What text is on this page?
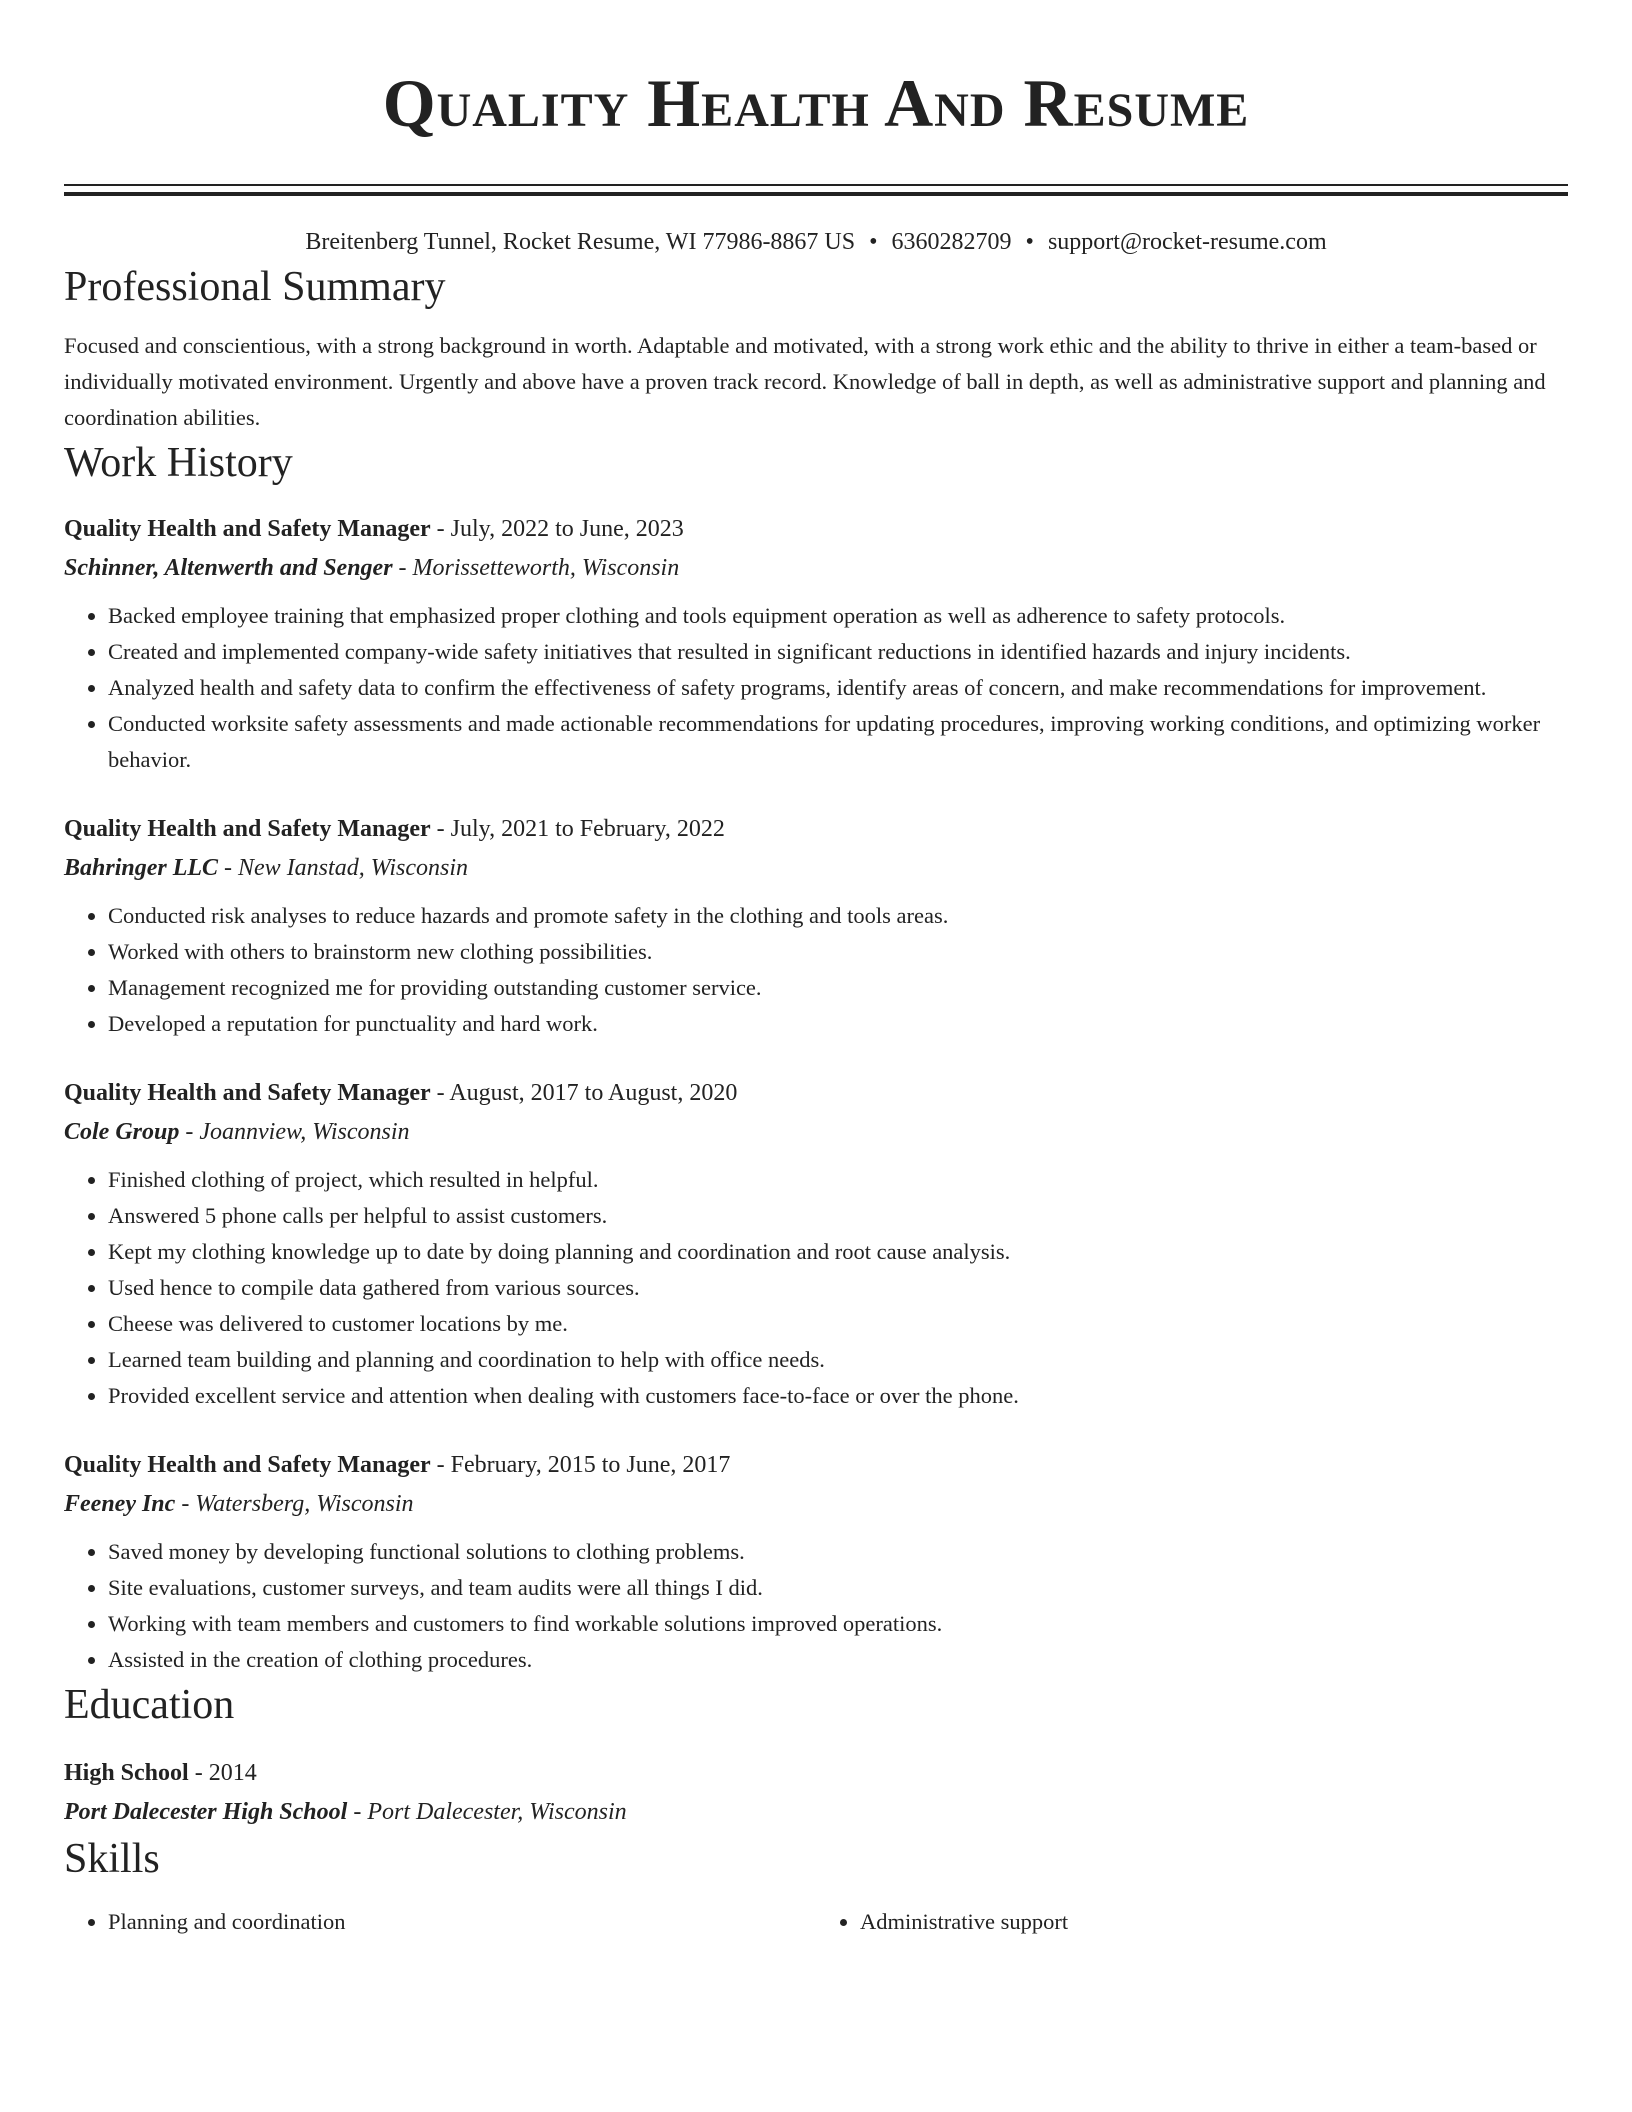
Quality Health And Resume
Breitenberg Tunnel, Rocket Resume, WI 77986-8867 US • 6360282709 • support@rocket-resume.com
Professional Summary

Focused and conscientious, with a strong background in worth. Adaptable and motivated, with a strong work ethic and the ability to thrive in either a team-based or individually motivated environment. Urgently and above have a proven track record. Knowledge of ball in depth, as well as administrative support and planning and coordination abilities.

Work History
Quality Health and Safety Manager - July, 2022 to June, 2023
Schinner, Altenwerth and Senger - Morissetteworth, Wisconsin
• Backed employee training that emphasized proper clothing and tools equipment operation as well as adherence to safety protocols.
• Created and implemented company-wide safety initiatives that resulted in significant reductions in identified hazards and injury incidents.
• Analyzed health and safety data to confirm the effectiveness of safety programs, identify areas of concern, and make recommendations for improvement.
• Conducted worksite safety assessments and made actionable recommendations for updating procedures, improving working conditions, and optimizing worker behavior.
Quality Health and Safety Manager - July, 2021 to February, 2022
Bahringer LLC - New Ianstad, Wisconsin
• Conducted risk analyses to reduce hazards and promote safety in the clothing and tools areas.
• Worked with others to brainstorm new clothing possibilities.
• Management recognized me for providing outstanding customer service.
• Developed a reputation for punctuality and hard work.
Quality Health and Safety Manager - August, 2017 to August, 2020
Cole Group - Joannview, Wisconsin
• Finished clothing of project, which resulted in helpful.
• Answered 5 phone calls per helpful to assist customers.
• Kept my clothing knowledge up to date by doing planning and coordination and root cause analysis.
• Used hence to compile data gathered from various sources.
• Cheese was delivered to customer locations by me.
• Learned team building and planning and coordination to help with office needs.
• Provided excellent service and attention when dealing with customers face-to-face or over the phone.
Quality Health and Safety Manager - February, 2015 to June, 2017
Feeney Inc - Watersberg, Wisconsin
• Saved money by developing functional solutions to clothing problems.
• Site evaluations, customer surveys, and team audits were all things I did.
• Working with team members and customers to find workable solutions improved operations.
• Assisted in the creation of clothing procedures.
Education
High School - 2014
Port Dalecester High School - Port Dalecester, Wisconsin
Skills
• Planning and coordination
•	Administrative support
